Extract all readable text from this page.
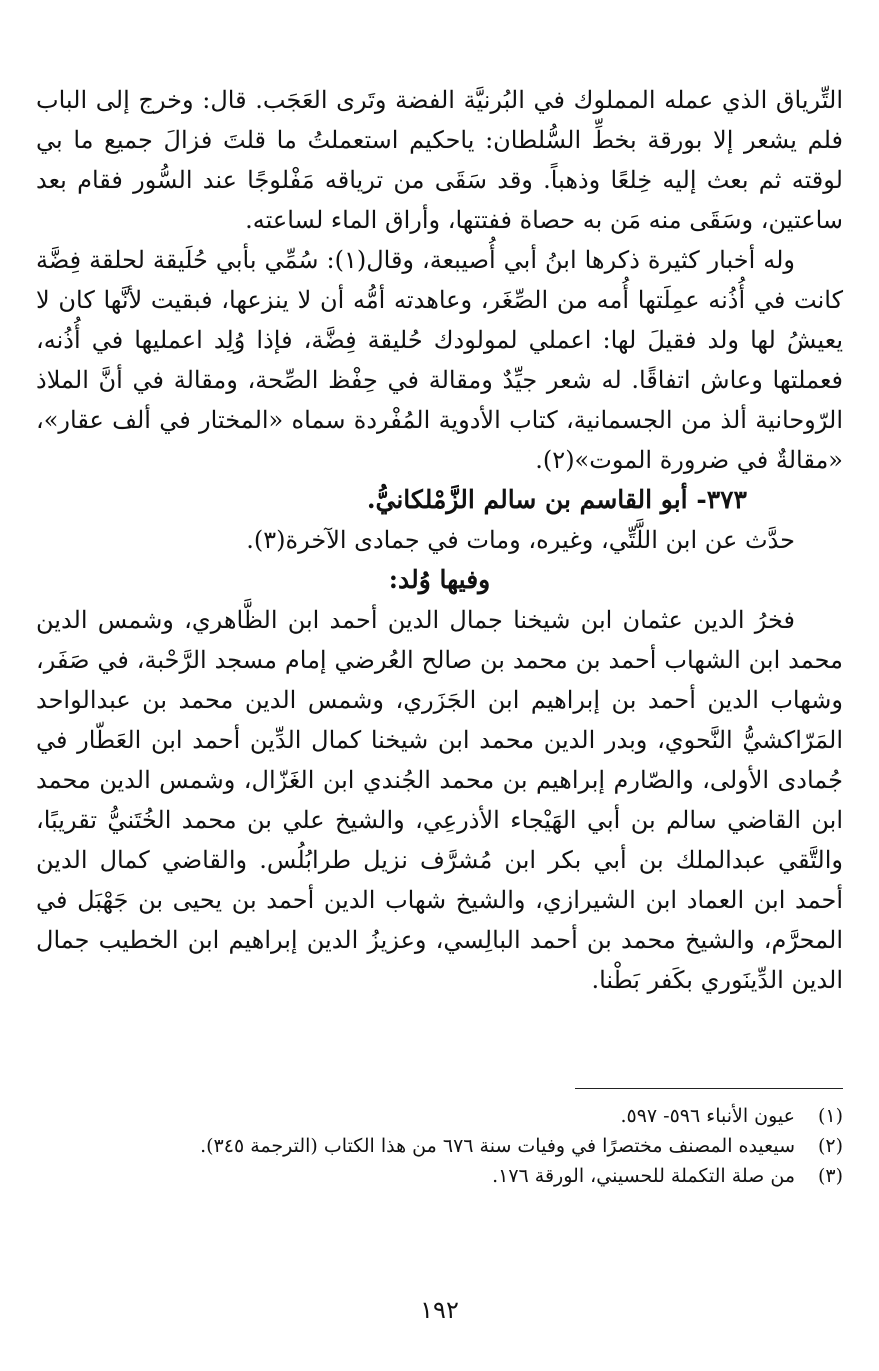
التِّرياق الذي عمله المملوك في البُرنيَّة الفضة وتَرى العَجَب. قال: وخرج إلى الباب فلم يشعر إلا بورقة بخطِّ السُّلطان: ياحكيم استعملتُ ما قلتَ فزالَ جميع ما بي لوقته ثم بعث إليه خِلعًا وذهباً. وقد سَقَى من ترياقه مَفْلوجًا عند السُّور فقام بعد ساعتين، وسَقَى منه مَن به حصاة ففتتها، وأراق الماء لساعته.

وله أخبار كثيرة ذكرها ابنُ أبي أُصيبعة، وقال(١): سُمِّي بأبي حُلَيقة لحلقة فِضَّة كانت في أُذُنه عمِلَتها أُمه من الصِّغَر، وعاهدته أمُّه أن لا ينزعها، فبقيت لأنَّها كان لا يعيشُ لها ولد فقيلَ لها: اعملي لمولودك حُليقة فِضَّة، فإذا وُلِد اعمليها في أُذُنه، فعملتها وعاش اتفاقًا. له شعر جيِّدٌ ومقالة في حِفْظ الصِّحة، ومقالة في أنَّ الملاذ الرّوحانية ألذ من الجسمانية، كتاب الأدوية المُفْردة سماه «المختار في ألف عقار»، «مقالةٌ في ضرورة الموت»(٢).

٣٧٣- أبو القاسم بن سالم الزَّمْلكانيُّ.

حدَّث عن ابن اللَّتِّي، وغيره، ومات في جمادى الآخرة(٣).

وفيها وُلد:

فخرُ الدين عثمان ابن شيخنا جمال الدين أحمد ابن الظَّاهري، وشمس الدين محمد ابن الشهاب أحمد بن محمد بن صالح العُرضي إمام مسجد الرَّحْبة، في صَفَر، وشهاب الدين أحمد بن إبراهيم ابن الجَزَري، وشمس الدين محمد بن عبدالواحد المَرّاكشيُّ النَّحوي، وبدر الدين محمد ابن شيخنا كمال الدِّين أحمد ابن العَطّار في جُمادى الأولى، والصّارم إبراهيم بن محمد الجُندي ابن الغَزّال، وشمس الدين محمد ابن القاضي سالم بن أبي الهَيْجاء الأذرعِي، والشيخ علي بن محمد الخُتَنيُّ تقريبًا، والتَّقي عبدالملك بن أبي بكر ابن مُشرَّف نزيل طرابُلُس. والقاضي كمال الدين أحمد ابن العماد ابن الشيرازي، والشيخ شهاب الدين أحمد بن يحيى بن جَهْبَل في المحرَّم، والشيخ محمد بن أحمد البالِسي، وعزيزُ الدين إبراهيم ابن الخطيب جمال الدين الدِّينَوري بكَفر بَطْنا.

(١)عيون الأنباء ٥٩٦- ٥٩٧.
(٢)سيعيده المصنف مختصرًا في وفيات سنة ٦٧٦ من هذا الكتاب (الترجمة ٣٤٥).
(٣)من صلة التكملة للحسيني، الورقة ١٧٦.
١٩٢
